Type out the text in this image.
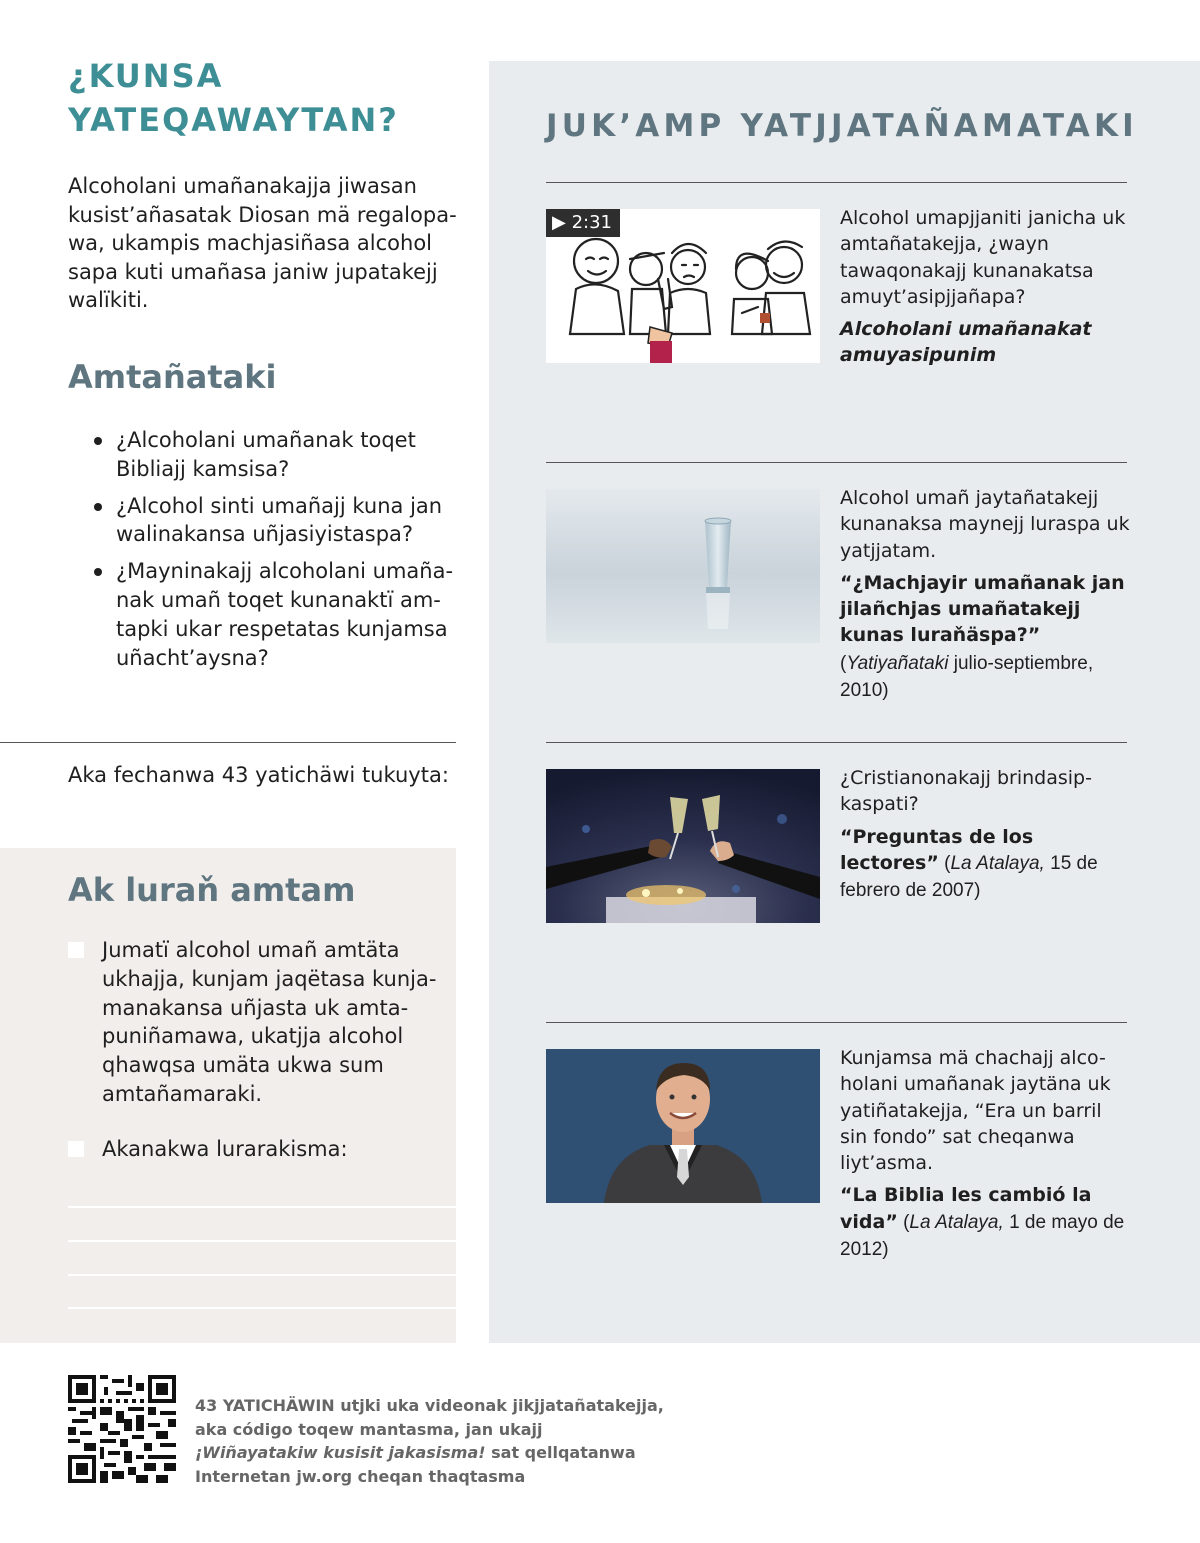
¿KUNSA YATEQAWAYTAN?

Alcoholani umañanakajja jiwasan kusist’añasatak Diosan mä regalopa-wa, ukampis machjasiñasa alcohol sapa kuti umañasa janiw jupatakejj walïkiti.

Amtañataki
¿Alcoholani umañanak toqet Bibliajj kamsisa?
¿Alcohol sinti umañajj kuna jan walinakansa uñjasiyistaspa?
¿Mayninakajj alcoholani umaña-nak umañ toqet kunanaktï am-tapki ukar respetatas kunjamsa uñacht’aysna?

Aka fechanwa 43 yatichäwi tukuyta:

Ak luraň amtam
Jumatï alcohol umañ amtäta ukhajja, kunjam jaqëtasa kunja-manakansa uñjasta uk amta-puniñamawa, ukatjja alcohol qhawqsa umäta ukwa sum amtañamaraki.
Akanakwa lurarakisma:
JUK’AMP YATJJATAÑAMATAKI
▶ 2:31	Alcohol umapjjaniti janicha uk amtañatakejja, ¿wayn tawaqonakajj kunanakatsa amuyt’asipjjañapa?

Alcoholani umañanakat amuyasipunim

Alcohol umañ jaytañatakejj kunanaksa maynejj luraspa uk yatjjatam.

“¿Machjayir umañanak jan jilañchjas umañatakejj kunas luraňäspa?” (Yatiyañataki julio-septiembre, 2010)

¿Cristianonakajj brindasip-kaspati?

“Preguntas de los lectores” (La Atalaya, 15 de febrero de 2007)

Kunjamsa mä chachajj alco-holani umañanak jaytäna uk yatiñatakejja, “Era un barril sin fondo” sat cheqanwa liyt’asma.

“La Biblia les cambió la vida” (La Atalaya, 1 de mayo de 2012)

43 YATICHÄWIN utjki uka videonak jikjjatañatakejja, aka código toqew mantasma, jan ukajj ¡Wiñayatakiw kusisit jakasisma! sat qellqatanwa Internetan jw.org cheqan thaqtasma
